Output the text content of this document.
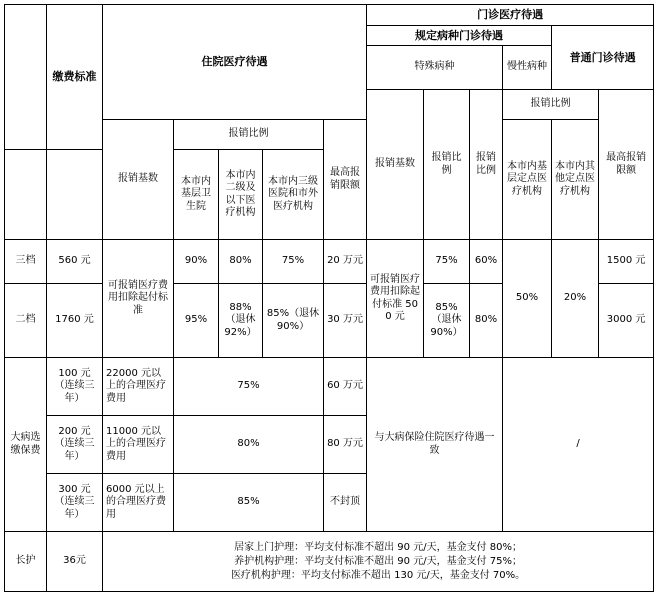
	缴费标准	住院医疗待遇					门诊医疗待遇					
							规定病种门诊待遇				普通门诊待遇	
							特殊病种			慢性病种		
							报销基数	报销比例	报销比例	报销比例		最高报销限额
		报销基数	报销比例			最高报销限额				本市内基层定点医疗机构	本市内其他定点医疗机构	
			本市内基层卫生院	本市内二级及以下医疗机构	本市内三级医院和市外医疗机构							
三档	560 元	可报销医疗费用扣除起付标准	90%	80%	75%	20 万元	可报销医疗费用扣除起付标准 500 元	75%	60%	50%	20%	1500 元
二档	1760 元		95%	88%（退休 92%）	85%（退休 90%）	30 万元		85%（退休 90%）	80%			3000 元
大病选缴保费	100 元（连续三年）	22000 元以上的合理医疗费用	75%			60 万元	与大病保险住院医疗待遇一致			/		
	200 元（连续三年）	11000 元以上的合理医疗费用	80%			80 万元						
	300 元（连续三年）	6000 元以上的合理医疗费用	85%			不封顶						
长护	36元	居家上门护理：平均支付标准不超出 90 元/天，基金支付 80%；
养护机构护理：平均支付标准不超出 90 元/天，基金支付 75%；
医疗机构护理：平均支付标准不超出 130 元/天，基金支付 70%。										
